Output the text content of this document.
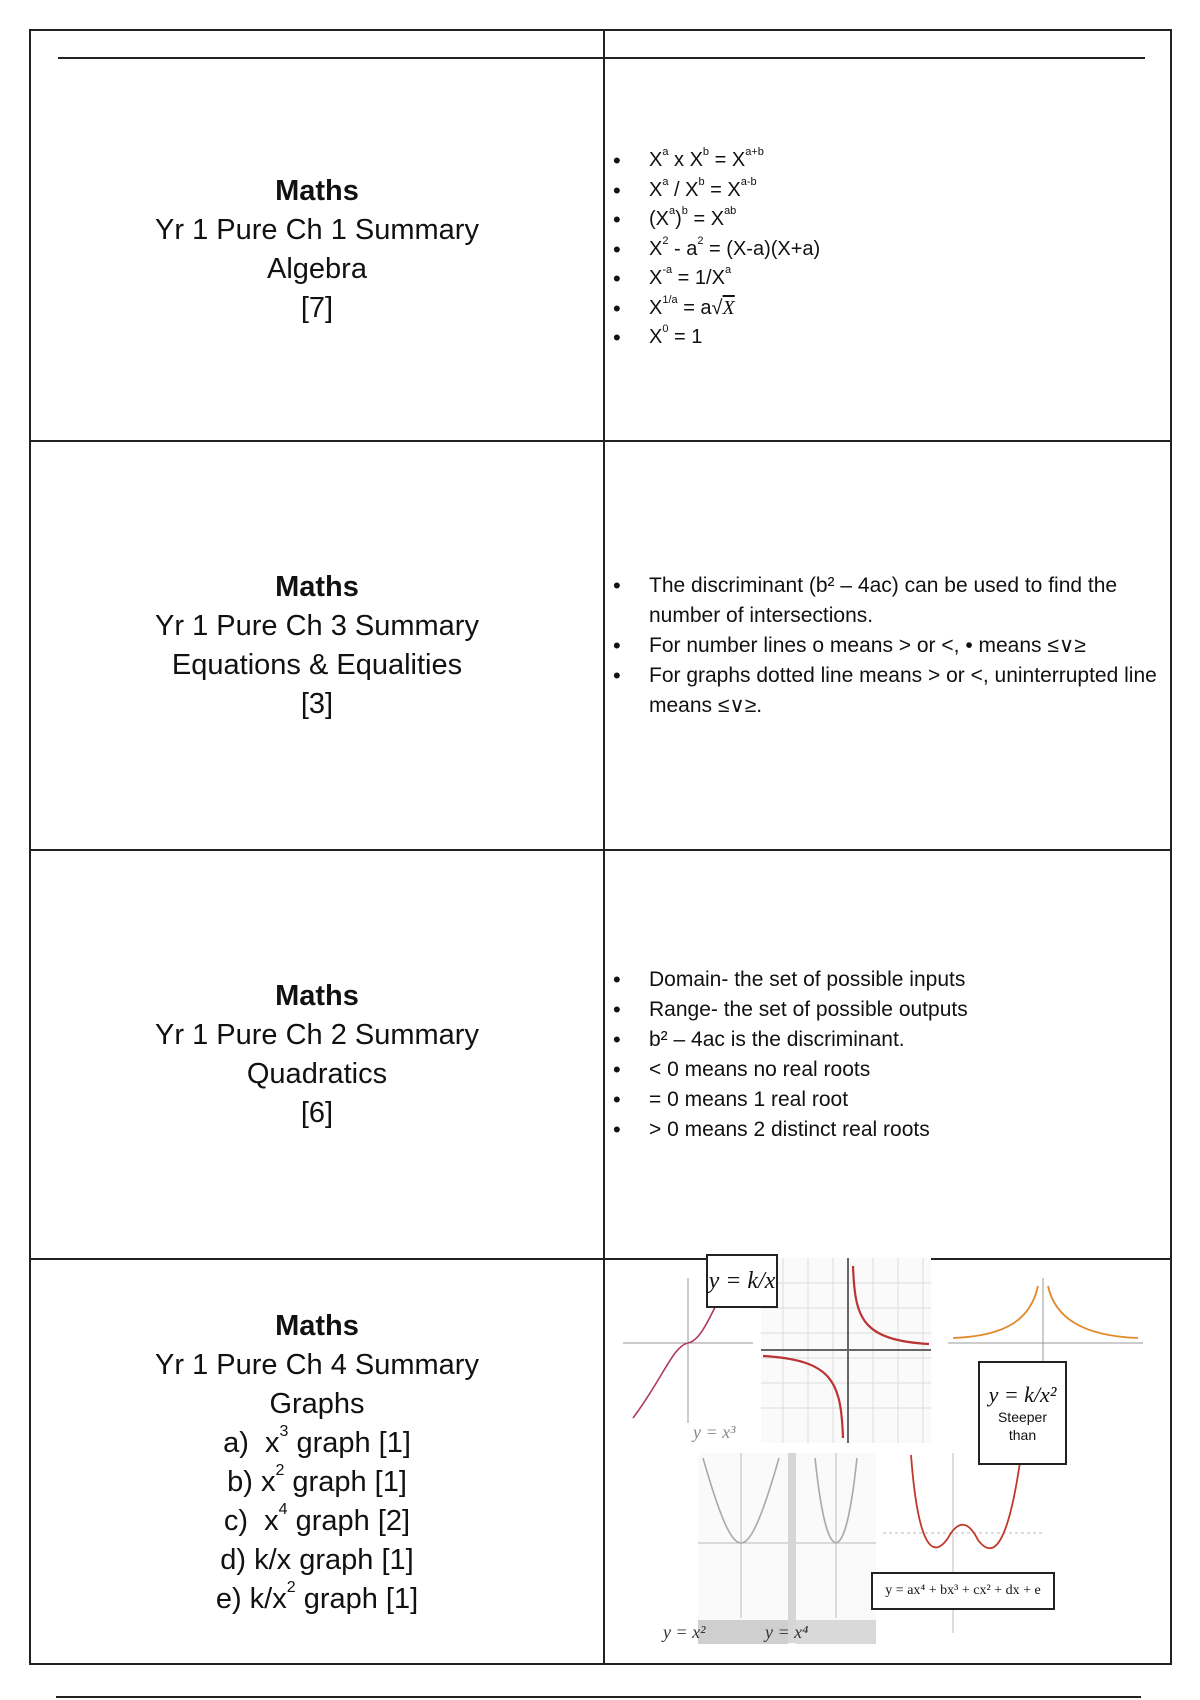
Maths
Yr 1 Pure Ch 1 Summary
Algebra
[7]
• $X^a$ x $X^b = X^{a+b}$
• $X^a / X^b = X^{a-b}$
• $(X^a)^b = X^{ab}$
• $X^2 - a^2 = (X-a)(X+a)$
• $X^{-a} = 1/X^a$
• $X^{1/a} = a√X$
• $X^0 = 1$
Maths
Yr 1 Pure Ch 3 Summary
Equations & Equalities
[3]
• The discriminant (b² – 4ac) can be used to find the number of intersections.
• For number lines o means > or <, • means ≤∨≥
• For graphs dotted line means > or <, uninterrupted line means ≤∨≥.
Maths
Yr 1 Pure Ch 2 Summary
Quadratics
[6]
• Domain- the set of possible inputs
• Range- the set of possible outputs
• b² – 4ac is the discriminant.
• < 0 means no real roots
• = 0 means 1 real root
• > 0 means 2 distinct real roots
Maths
Yr 1 Pure Ch 4 Summary
Graphs
a) $x^3$ graph [1]
b) $x^2$ graph [1]
c) $x^4$ graph [2]
d) k/x graph [1]
e) $k/x^2$ graph [1]
y = x³
y = k/x
y = k/x²
Steeper
than
y = x²	y = x⁴
y = ax⁴ + bx³ + cx² + dx + e
